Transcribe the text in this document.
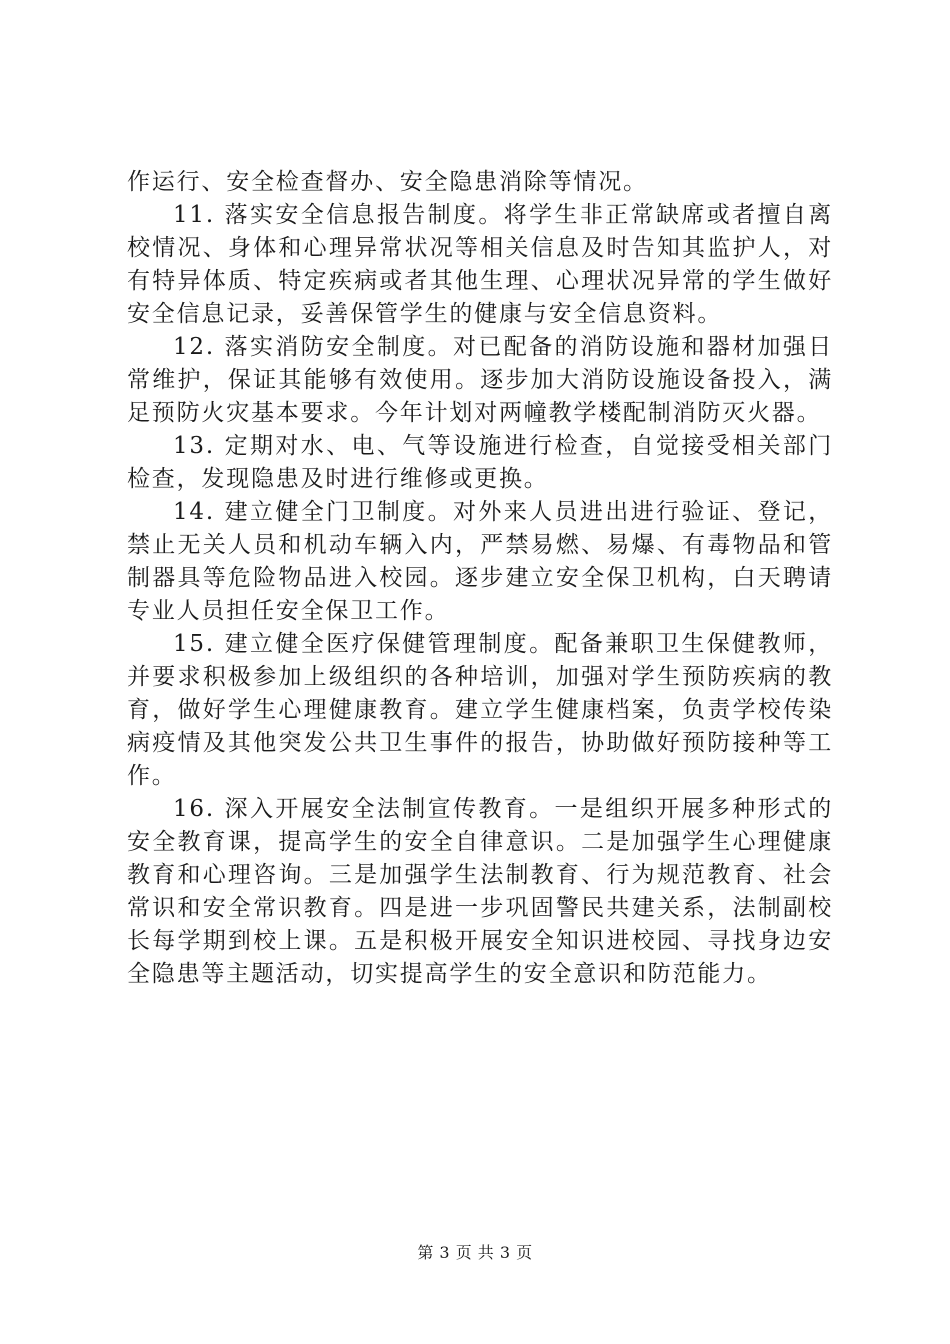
作运行、安全检查督办、安全隐患消除等情况。

11. 落实安全信息报告制度。将学生非正常缺席或者擅自离校情况、身体和心理异常状况等相关信息及时告知其监护人，对有特异体质、特定疾病或者其他生理、心理状况异常的学生做好安全信息记录，妥善保管学生的健康与安全信息资料。

12. 落实消防安全制度。对已配备的消防设施和器材加强日常维护，保证其能够有效使用。逐步加大消防设施设备投入，满足预防火灾基本要求。今年计划对两幢教学楼配制消防灭火器。

13. 定期对水、电、气等设施进行检查，自觉接受相关部门检查，发现隐患及时进行维修或更换。

14. 建立健全门卫制度。对外来人员进出进行验证、登记，禁止无关人员和机动车辆入内，严禁易燃、易爆、有毒物品和管制器具等危险物品进入校园。逐步建立安全保卫机构，白天聘请专业人员担任安全保卫工作。

15. 建立健全医疗保健管理制度。配备兼职卫生保健教师，并要求积极参加上级组织的各种培训，加强对学生预防疾病的教育，做好学生心理健康教育。建立学生健康档案，负责学校传染病疫情及其他突发公共卫生事件的报告，协助做好预防接种等工作。

16. 深入开展安全法制宣传教育。一是组织开展多种形式的安全教育课，提高学生的安全自律意识。二是加强学生心理健康教育和心理咨询。三是加强学生法制教育、行为规范教育、社会常识和安全常识教育。四是进一步巩固警民共建关系，法制副校长每学期到校上课。五是积极开展安全知识进校园、寻找身边安全隐患等主题活动，切实提高学生的安全意识和防范能力。

第 3 页 共 3 页
